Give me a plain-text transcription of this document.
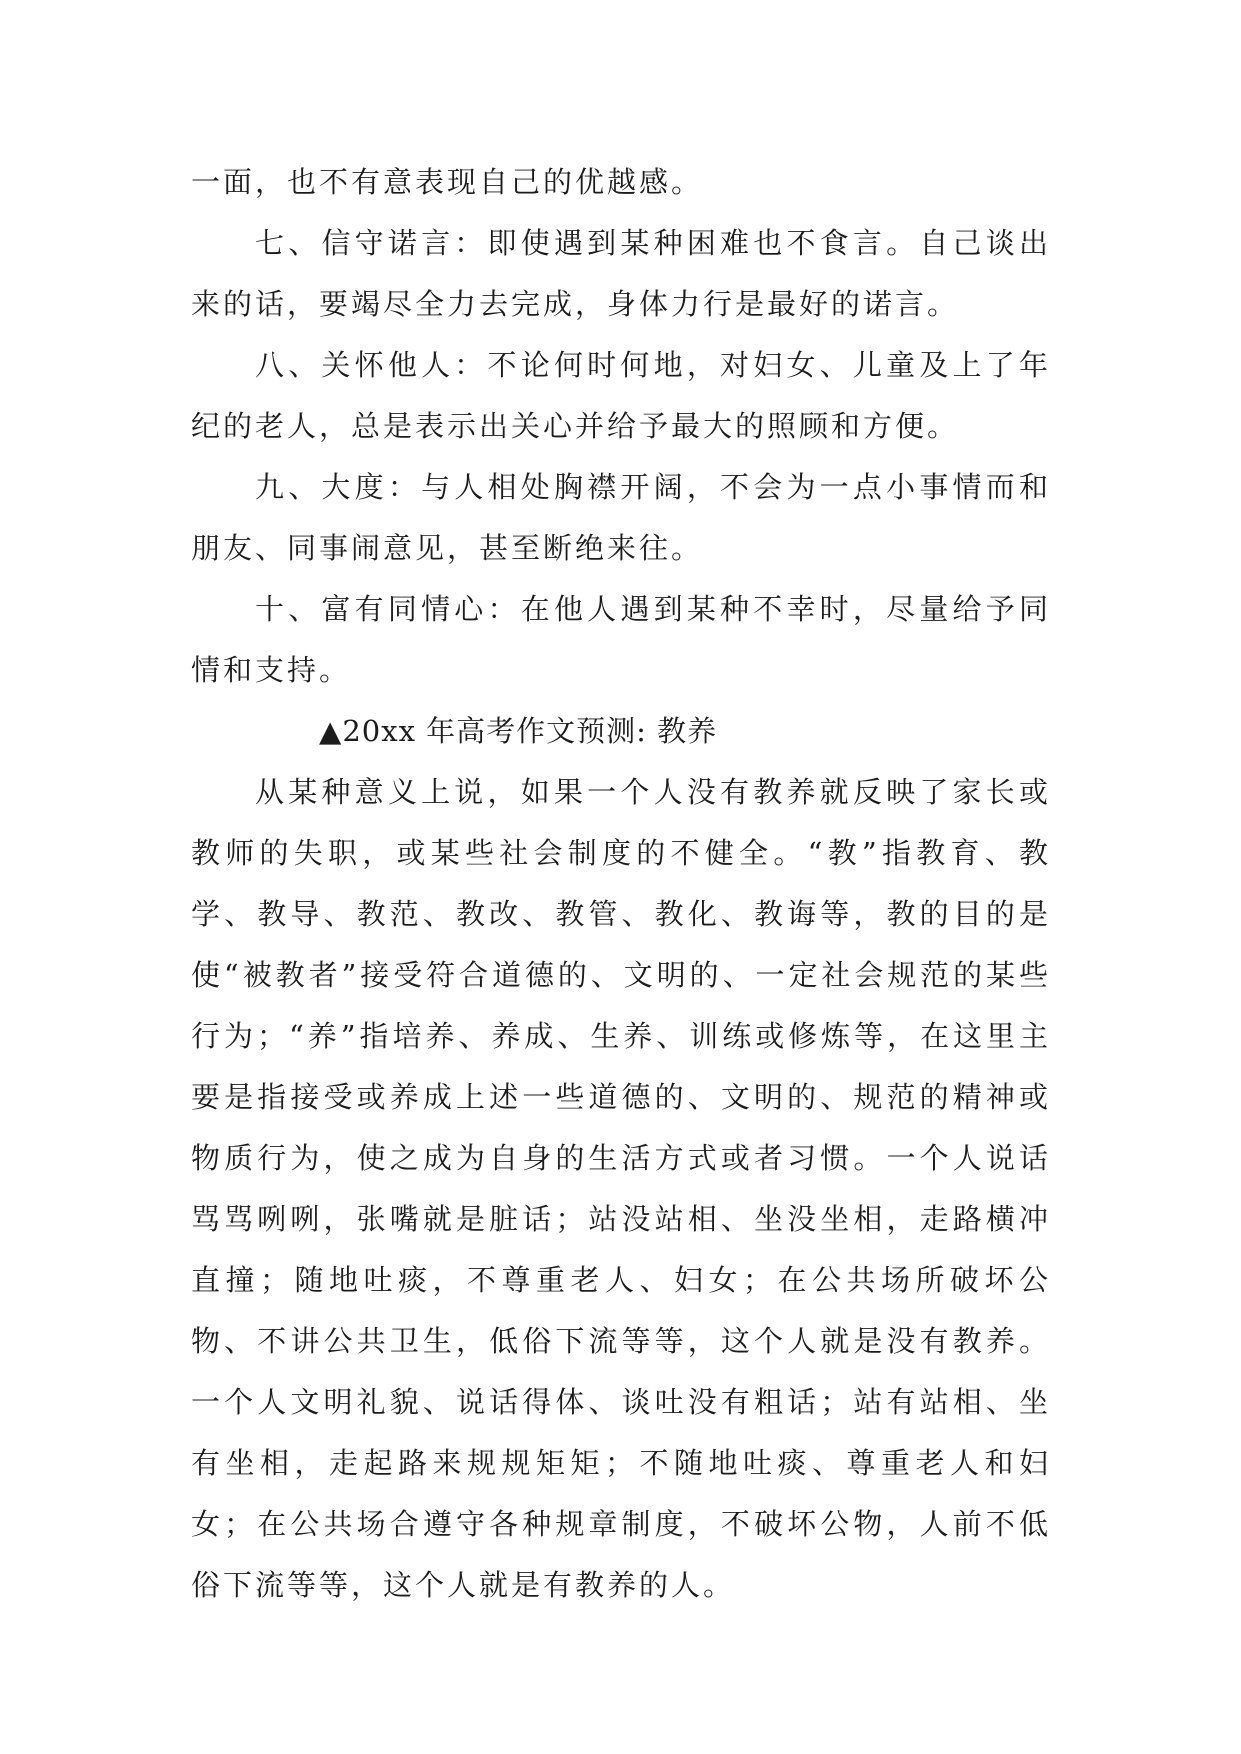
一面，也不有意表现自己的优越感。

七、信守诺言：即使遇到某种困难也不食言。自己谈出来的话，要竭尽全力去完成，身体力行是最好的诺言。

八、关怀他人：不论何时何地，对妇女、儿童及上了年纪的老人，总是表示出关心并给予最大的照顾和方便。

九、大度：与人相处胸襟开阔，不会为一点小事情而和朋友、同事闹意见，甚至断绝来往。

十、富有同情心：在他人遇到某种不幸时，尽量给予同情和支持。

▲20xx 年高考作文预测: 教养

从某种意义上说，如果一个人没有教养就反映了家长或教师的失职，或某些社会制度的不健全。“教”指教育、教学、教导、教范、教改、教管、教化、教诲等，教的目的是使“被教者”接受符合道德的、文明的、一定社会规范的某些行为；“养”指培养、养成、生养、训练或修炼等，在这里主要是指接受或养成上述一些道德的、文明的、规范的精神或物质行为，使之成为自身的生活方式或者习惯。一个人说话骂骂咧咧，张嘴就是脏话；站没站相、坐没坐相，走路横冲直撞；随地吐痰，不尊重老人、妇女；在公共场所破坏公物、不讲公共卫生，低俗下流等等，这个人就是没有教养。一个人文明礼貌、说话得体、谈吐没有粗话；站有站相、坐有坐相，走起路来规规矩矩；不随地吐痰、尊重老人和妇女；在公共场合遵守各种规章制度，不破坏公物，人前不低俗下流等等，这个人就是有教养的人。
